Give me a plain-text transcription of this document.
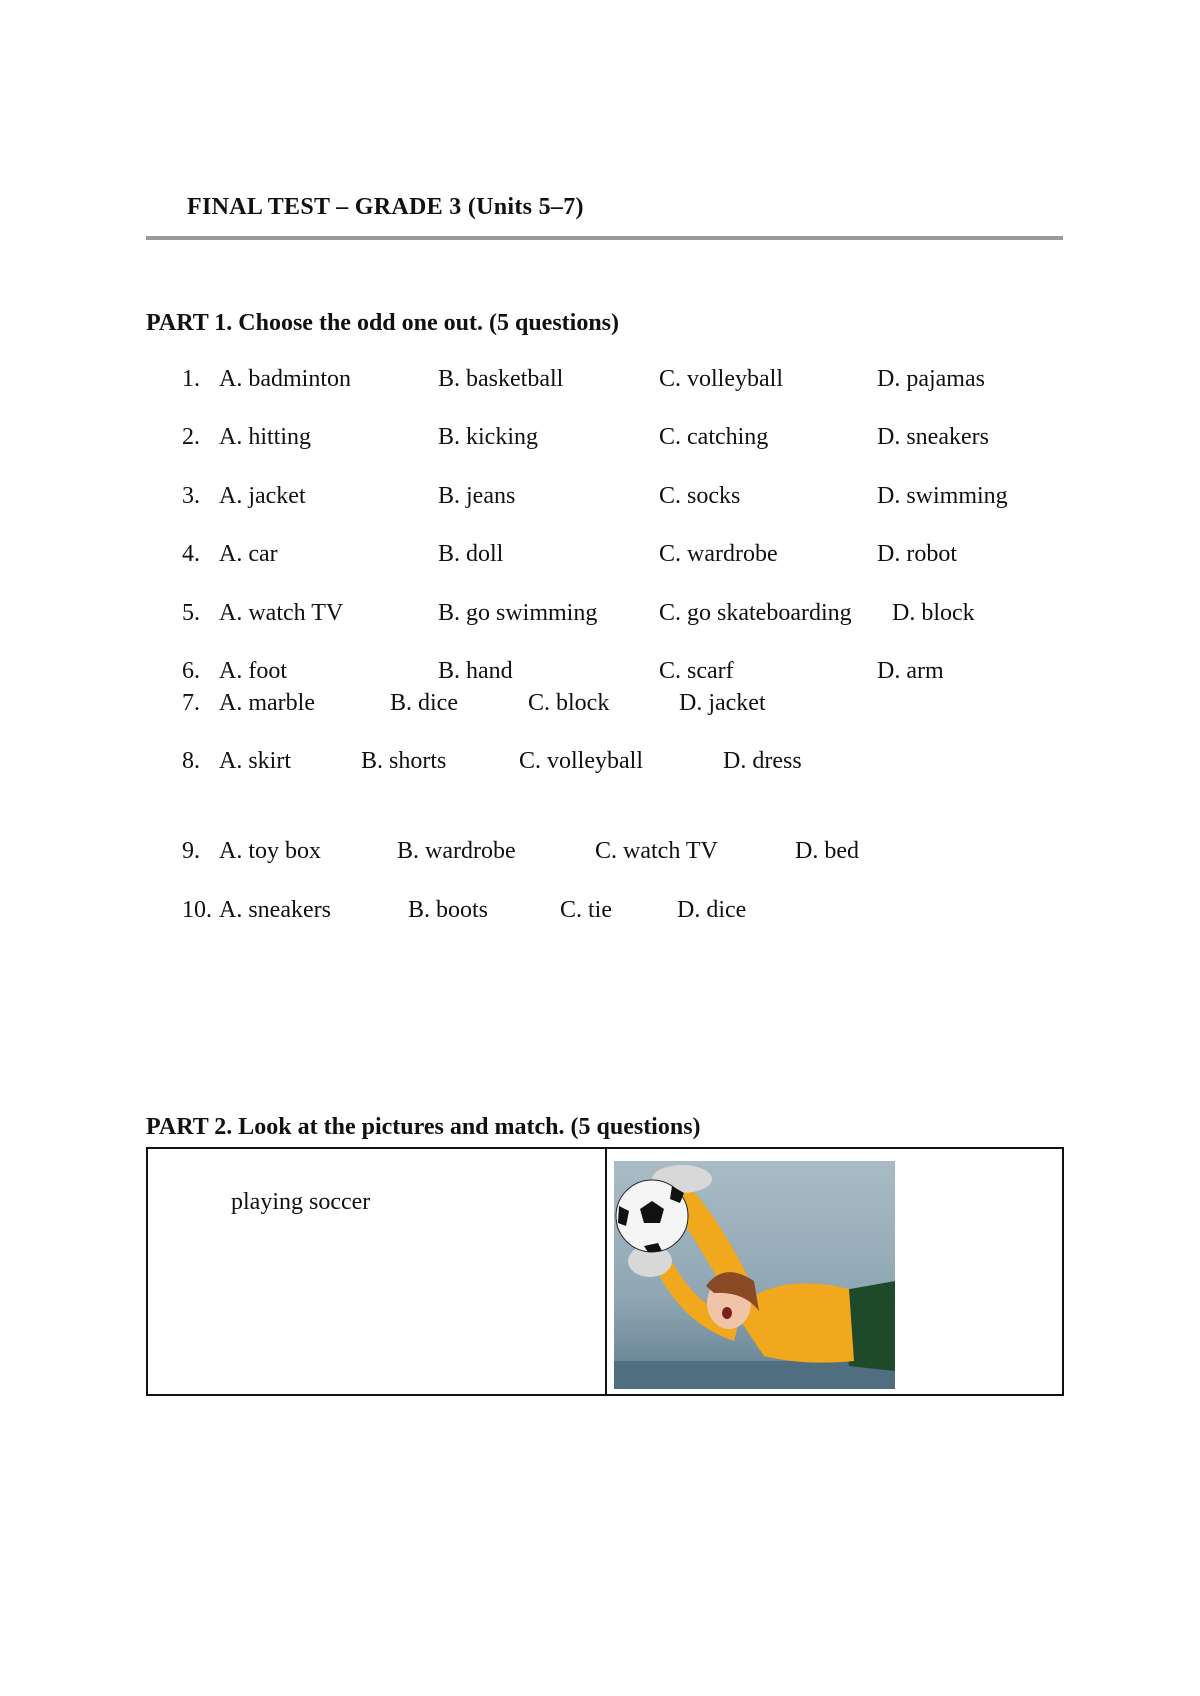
FINAL TEST – GRADE 3 (Units 5–7)
PART 1. Choose the odd one out. (5 questions)
1. A. badminton	B. basketball	C. volleyball	D. pajamas
2. A. hitting	B. kicking	C. catching	D. sneakers
3. A. jacket	B. jeans	C. socks	D. swimming
4. A. car	B. doll	C. wardrobe	D. robot
5. A. watch TV	B. go swimming	C. go skateboarding D. block
6. A. foot	B. hand	C. scarf	D. arm
7. A. marble	B. dice	C. block	D. jacket
8. A. skirt	B. shorts	C. volleyball	D. dress
9. A. toy box	B. wardrobe	C. watch TV	D. bed
10. A. sneakers	B. boots	C. tie	D. dice
PART 2. Look at the pictures and match. (5 questions)
playing soccer
